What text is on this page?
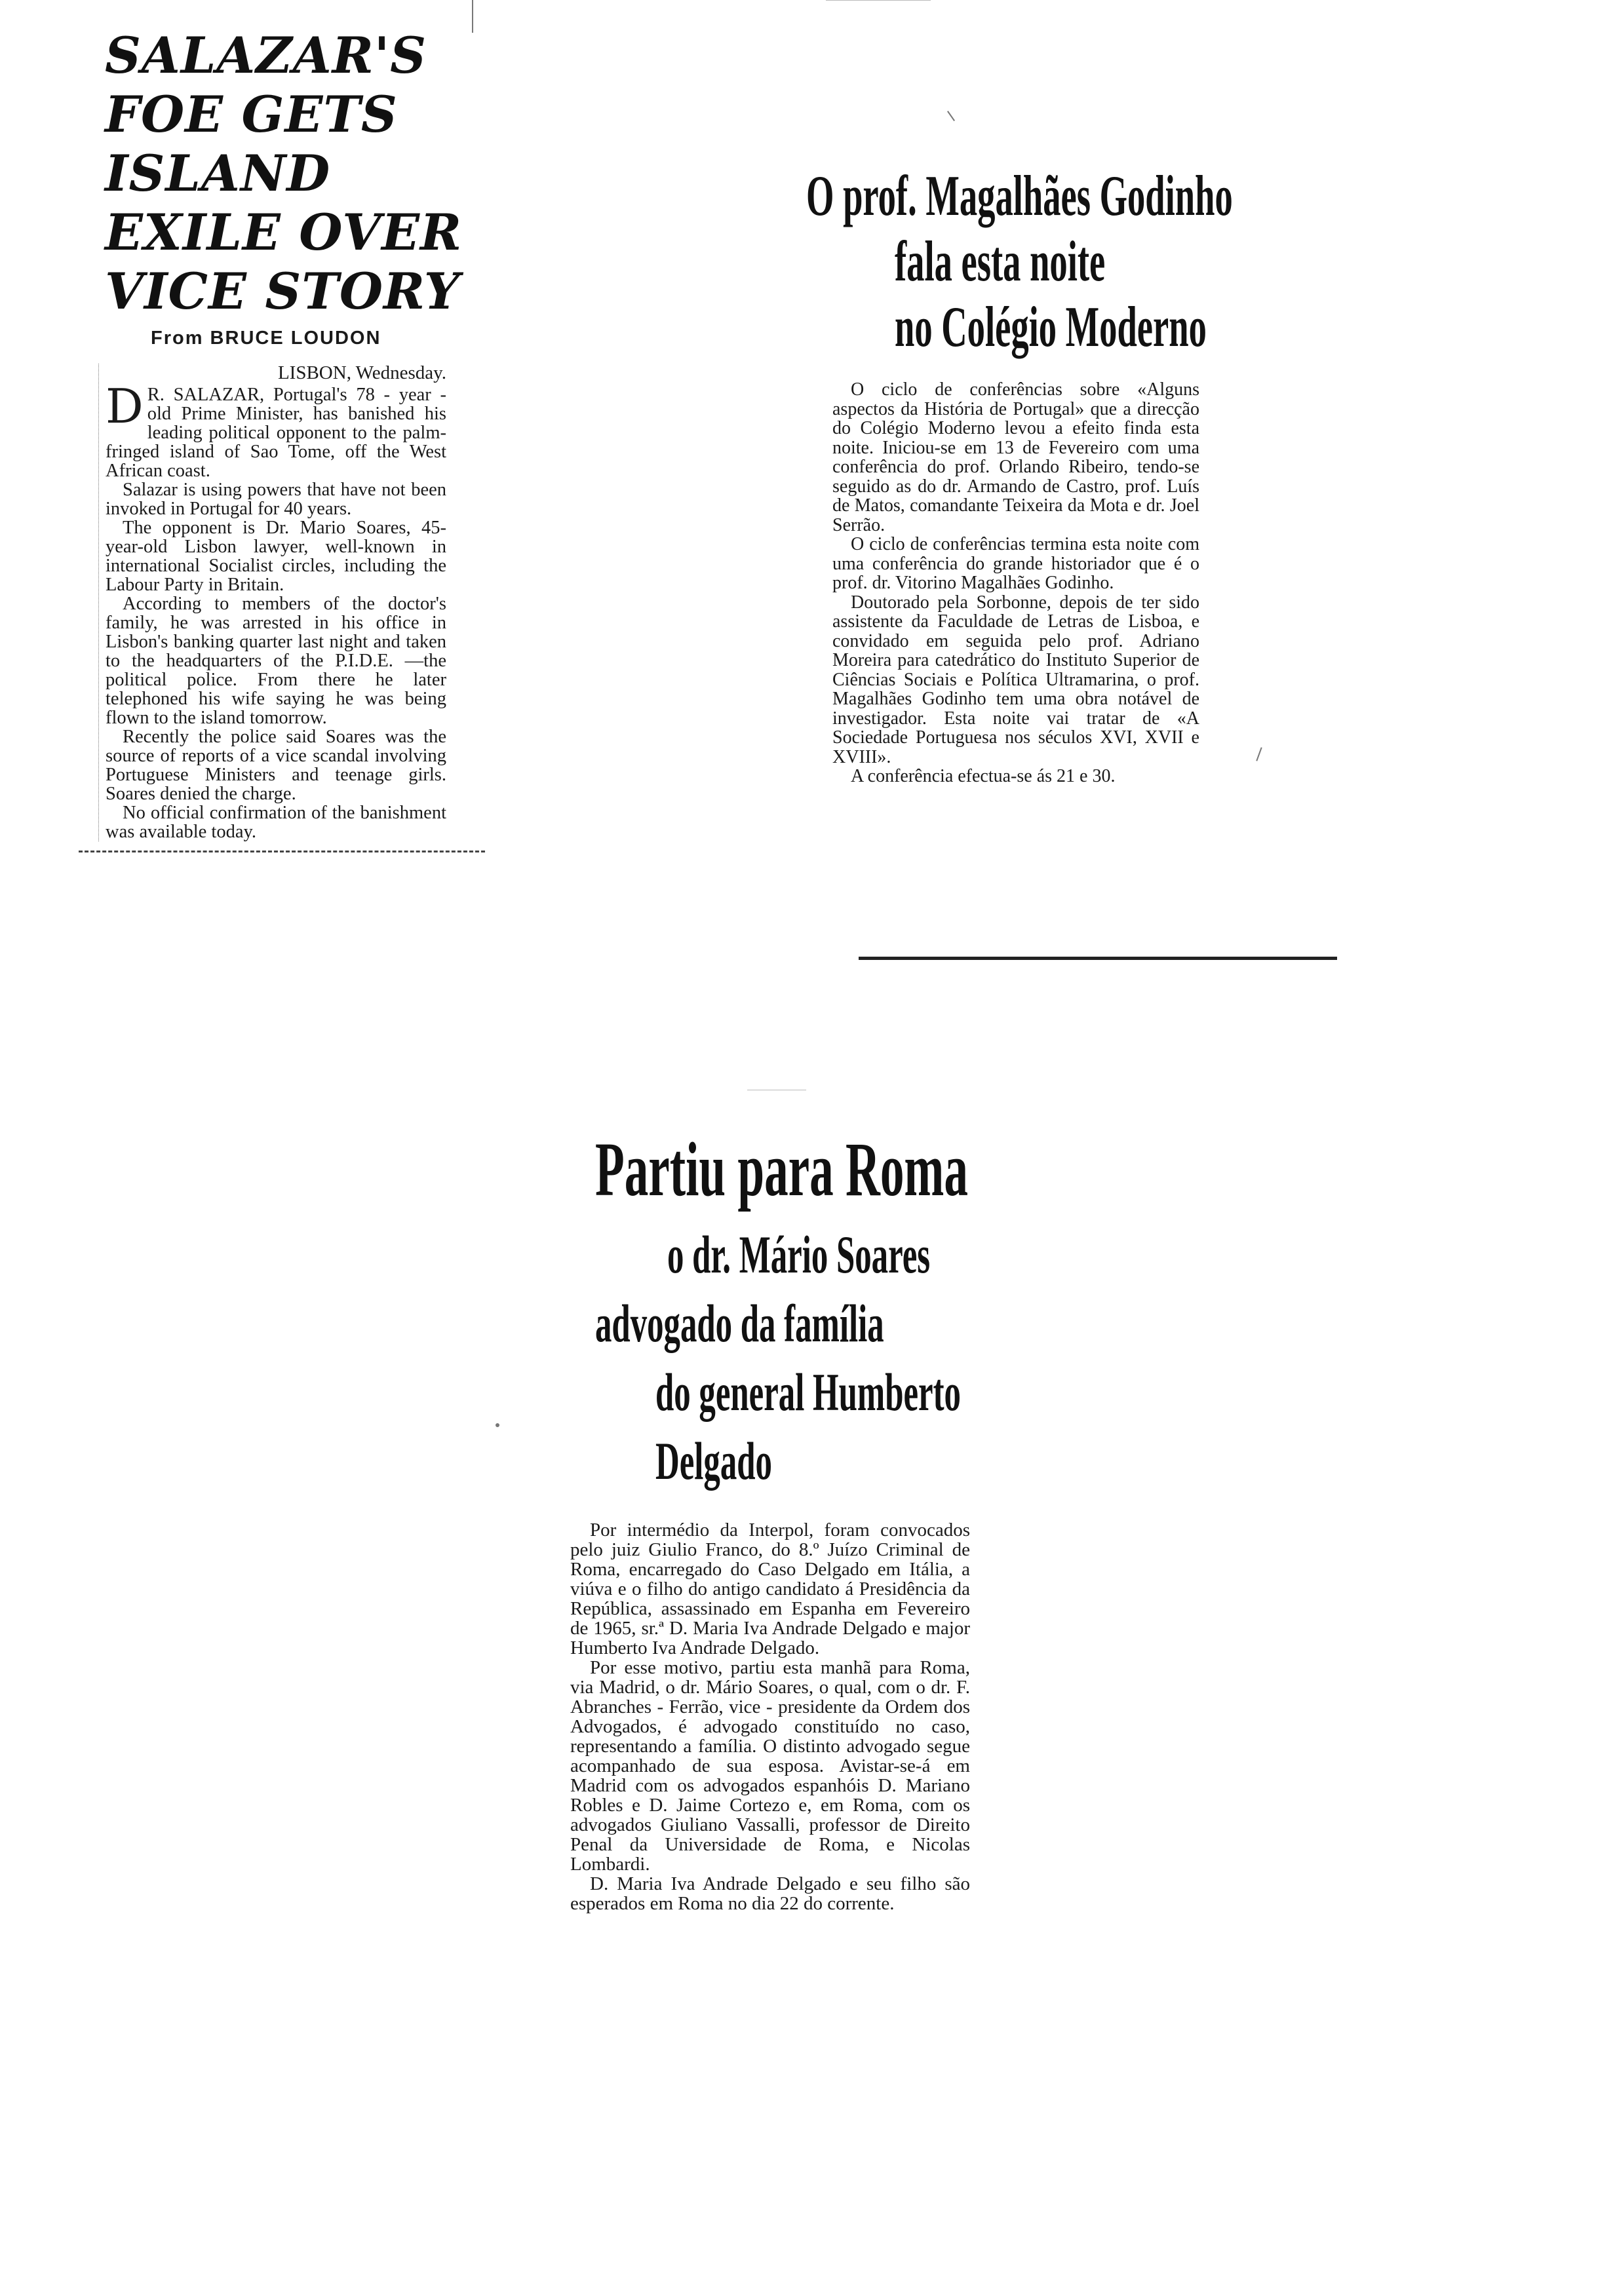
SALAZAR'S
FOE GETS
ISLAND
EXILE OVER
VICE STORY
From BRUCE LOUDON

LISBON, Wednesday.

D R. SALAZAR, Portugal's 78 - year - old Prime Minister, has banished his leading political opponent to the palm-fringed island of Sao Tome, off the West African coast.

Salazar is using powers that have not been invoked in Portugal for 40 years.

The opponent is Dr. Mario Soares, 45-year-old Lisbon lawyer, well-known in international Socialist circles, including the Labour Party in Britain.

According to members of the doctor's family, he was arrested in his office in Lisbon's banking quarter last night and taken to the headquarters of the P.I.D.E. —the political police. From there he later telephoned his wife saying he was being flown to the island tomorrow.

Recently the police said Soares was the source of reports of a vice scandal involving Portuguese Ministers and teenage girls. Soares denied the charge.

No official confirmation of the banishment was available today.

O prof. Magalhães Godinho
fala esta noite
no Colégio Moderno

O ciclo de conferências sobre «Alguns aspectos da História de Portugal» que a direcção do Colégio Moderno levou a efeito finda esta noite. Iniciou-se em 13 de Fevereiro com uma conferência do prof. Orlando Ribeiro, tendo-se seguido as do dr. Armando de Castro, prof. Luís de Matos, comandante Teixeira da Mota e dr. Joel Serrão.

O ciclo de conferências termina esta noite com uma conferência do grande historiador que é o prof. dr. Vitorino Magalhães Godinho.

Doutorado pela Sorbonne, depois de ter sido assistente da Faculdade de Letras de Lisboa, e convidado em seguida pelo prof. Adriano Moreira para catedrático do Instituto Superior de Ciências Sociais e Política Ultramarina, o prof. Magalhães Godinho tem uma obra notável de investigador. Esta noite vai tratar de «A Sociedade Portuguesa nos séculos XVI, XVII e XVIII».

A conferência efectua-se ás 21 e 30.

Partiu para Roma
o dr. Mário Soares
advogado da família
do general Humberto
Delgado

Por intermédio da Interpol, foram convocados pelo juiz Giulio Franco, do 8.º Juízo Criminal de Roma, encarregado do Caso Delgado em Itália, a viúva e o filho do antigo candidato á Presidência da República, assassinado em Espanha em Fevereiro de 1965, sr.ª D. Maria Iva Andrade Delgado e major Humberto Iva Andrade Delgado.

Por esse motivo, partiu esta manhã para Roma, via Madrid, o dr. Mário Soares, o qual, com o dr. F. Abranches - Ferrão, vice - presidente da Ordem dos Advogados, é advogado constituído no caso, representando a família. O distinto advogado segue acompanhado de sua esposa. Avistar-se-á em Madrid com os advogados espanhóis D. Mariano Robles e D. Jaime Cortezo e, em Roma, com os advogados Giuliano Vassalli, professor de Direito Penal da Universidade de Roma, e Nicolas Lombardi.

D. Maria Iva Andrade Delgado e seu filho são esperados em Roma no dia 22 do corrente.
